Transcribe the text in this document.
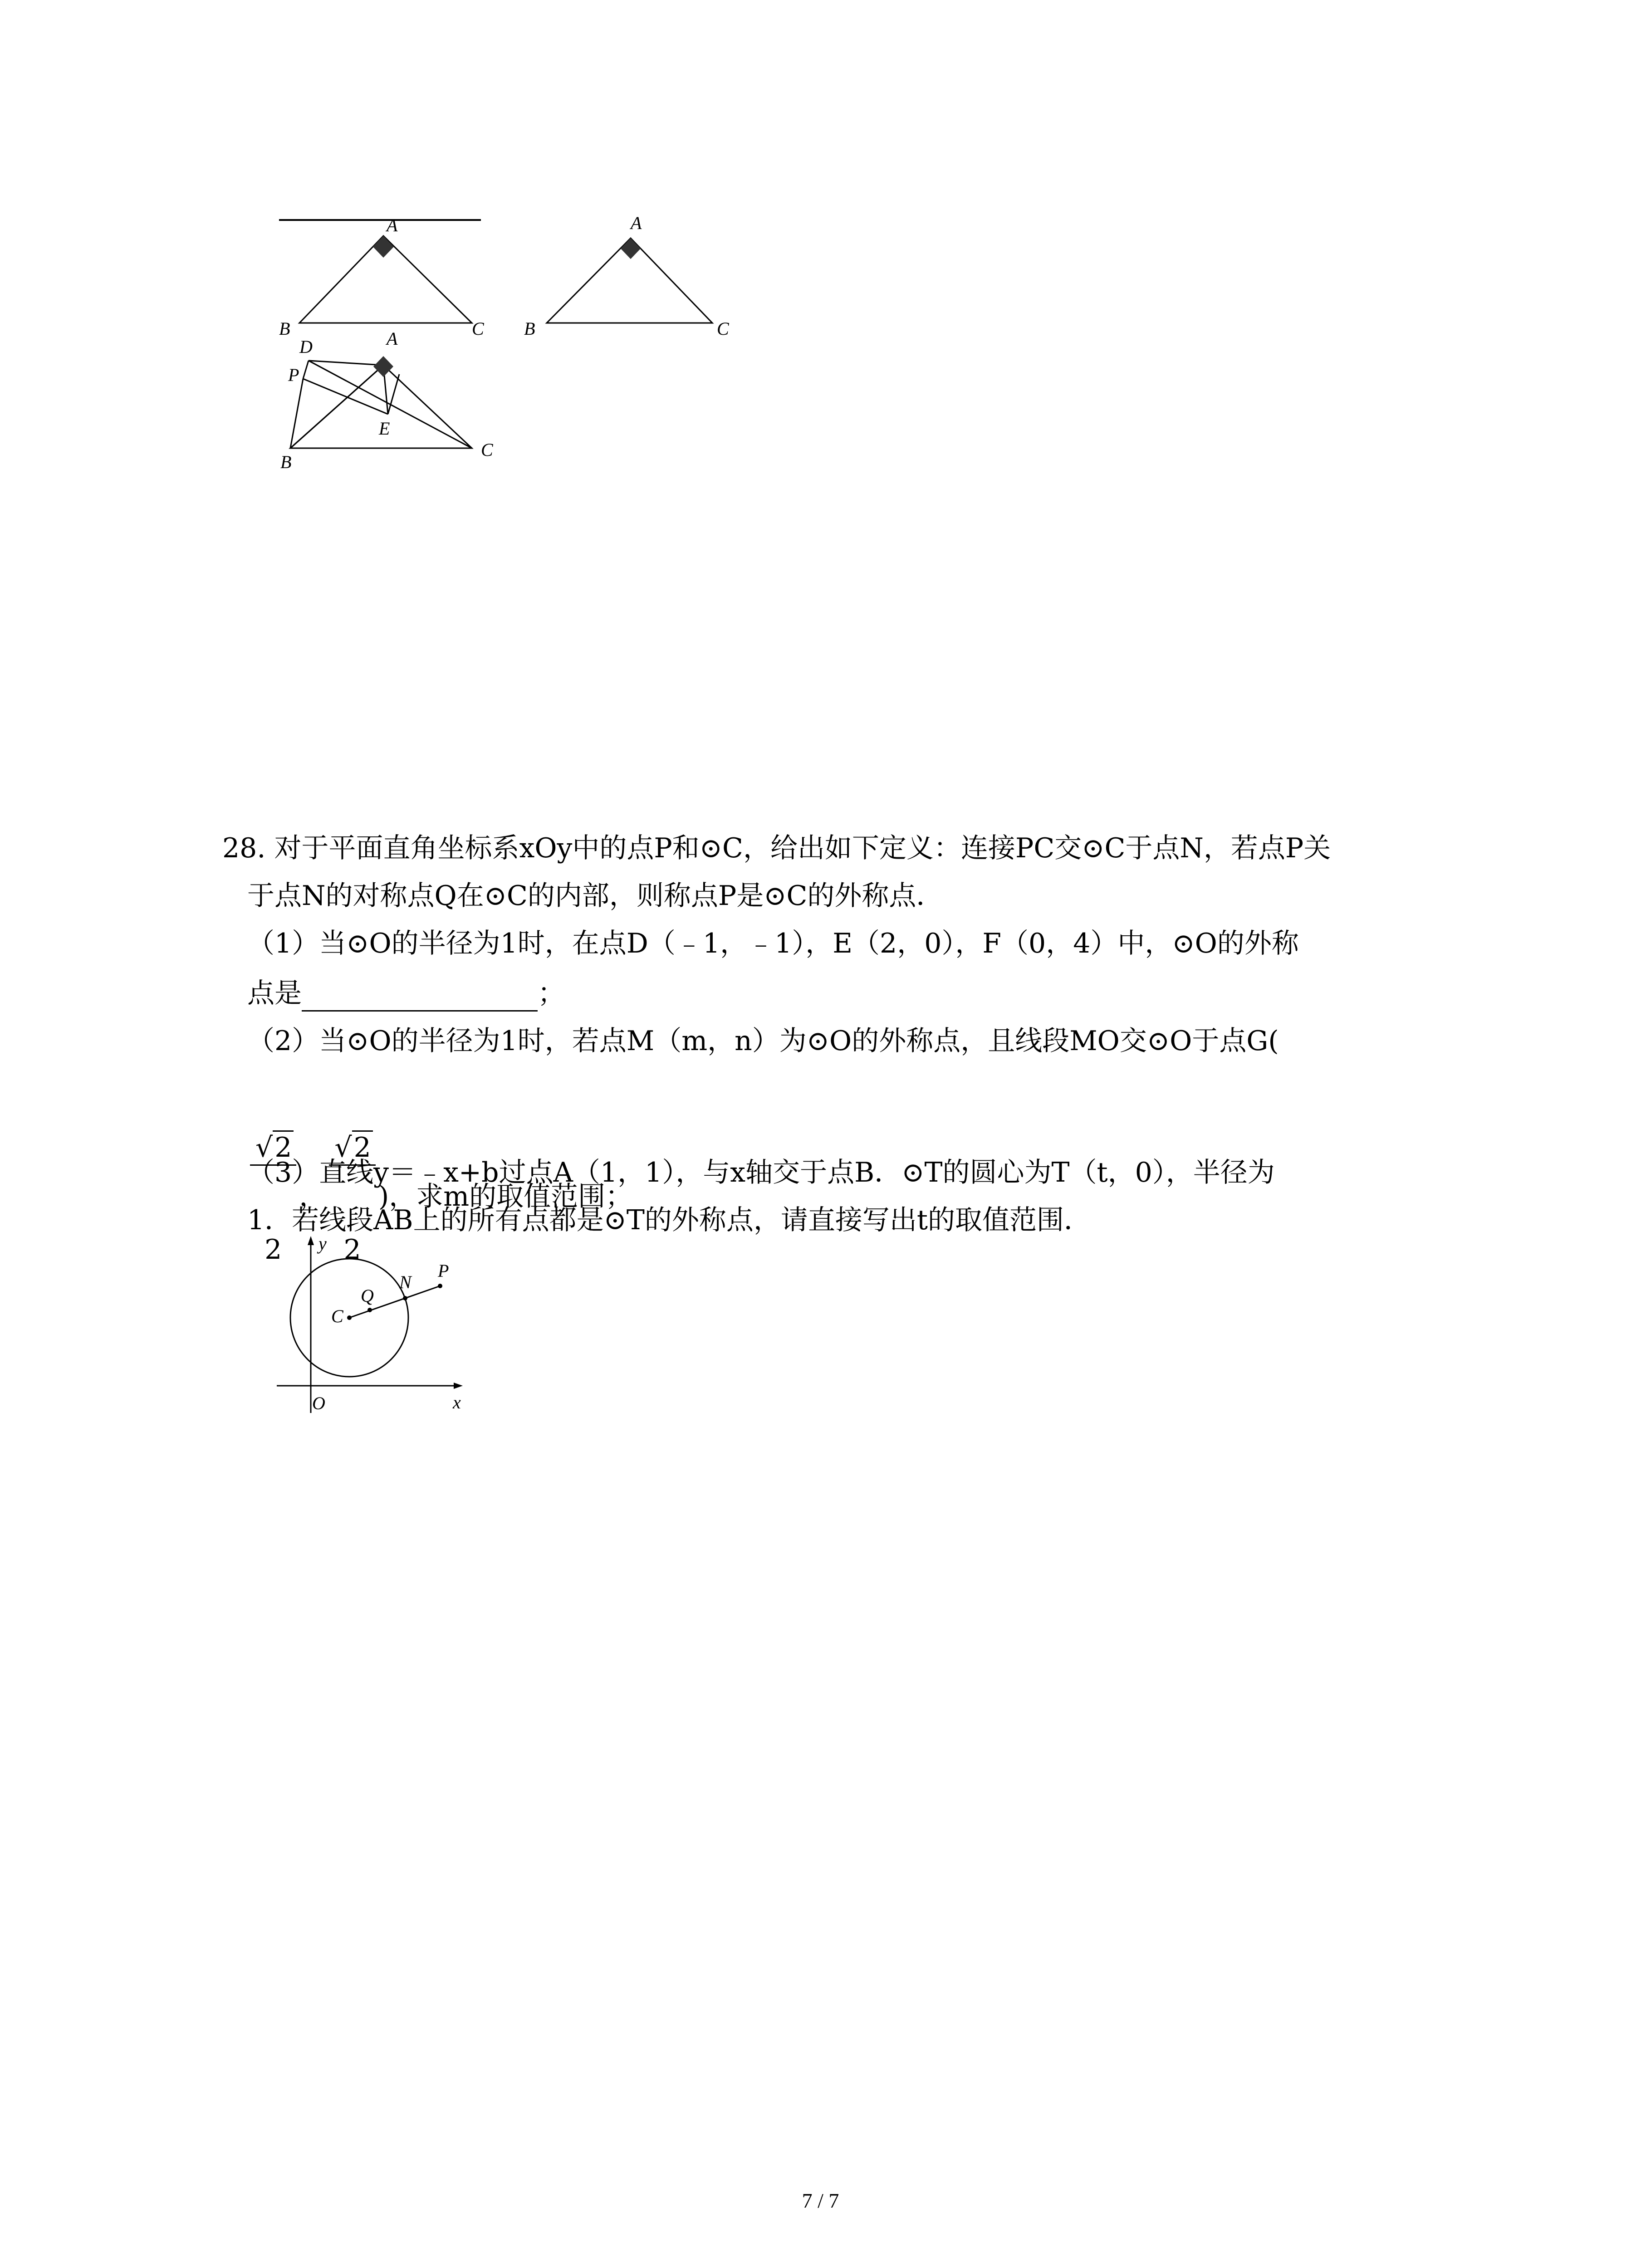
A
B	C
A
B	C
A
B
C
D
P
E
28. 对于平面直角坐标系xOy中的点P和⊙C，给出如下定义：连接PC交⊙C于点N，若点P关
于点N的对称点Q在⊙C的内部，则称点P是⊙C的外称点．
（1）当⊙O的半径为1时，在点D（﹣1，﹣1），E（2，0），F（0，4）中，⊙O的外称
点是	；
（2）当⊙O的半径为1时，若点M（m，n）为⊙O的外称点，且线段MO交⊙O于点G(

$\frac{√2}{2}$ ，
$\frac{√2}{2}$ )，求m的取值范围；
（3）直线y＝﹣x+b过点A（1，1），与x轴交于点B．⊙T的圆心为T（t，0），半径为
1．若线段AB上的所有点都是⊙T的外称点，请直接写出t的取值范围．
y
x
O
C
Q
N
P
7 / 7
